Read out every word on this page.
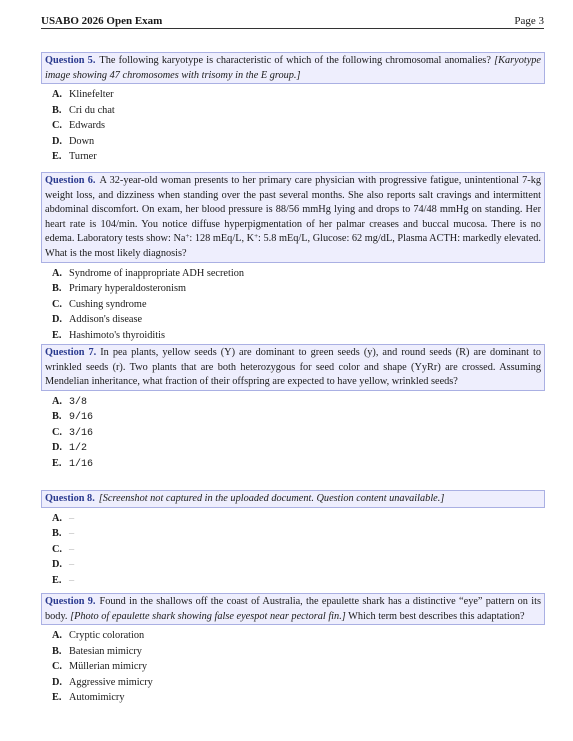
USABO 2026 Open Exam	Page 3
Question 5. The following karyotype is characteristic of which of the following chromosomal anomalies? [Karyotype image showing 47 chromosomes with trisomy in the E group.]
A. Klinefelter
B. Cri du chat
C. Edwards
D. Down
E. Turner
Question 6. A 32-year-old woman presents to her primary care physician with progressive fatigue, unintentional 7-kg weight loss, and dizziness when standing over the past several months. She also reports salt cravings and intermittent abdominal discomfort. On exam, her blood pressure is 88/56 mmHg lying and drops to 74/48 mmHg on standing. Her heart rate is 104/min. You notice diffuse hyperpigmentation of her palmar creases and buccal mucosa. There is no edema. Laboratory tests show: Na+: 128 mEq/L, K+: 5.8 mEq/L, Glucose: 62 mg/dL, Plasma ACTH: markedly elevated. What is the most likely diagnosis?
A. Syndrome of inappropriate ADH secretion
B. Primary hyperaldosteronism
C. Cushing syndrome
D. Addison's disease
E. Hashimoto's thyroiditis
Question 7. In pea plants, yellow seeds (Y) are dominant to green seeds (y), and round seeds (R) are dominant to wrinkled seeds (r). Two plants that are both heterozygous for seed color and shape (YyRr) are crossed. Assuming Mendelian inheritance, what fraction of their offspring are expected to have yellow, wrinkled seeds?
A. 3/8
B. 9/16
C. 3/16
D. 1/2
E. 1/16
Question 8. [Screenshot not captured in the uploaded document. Question content unavailable.]
A. –
B. –
C. –
D. –
E. –
Question 9. Found in the shallows off the coast of Australia, the epaulette shark has a distinctive “eye” pattern on its body. [Photo of epaulette shark showing false eyespot near pectoral fin.] Which term best describes this adaptation?
A. Cryptic coloration
B. Batesian mimicry
C. Müllerian mimicry
D. Aggressive mimicry
E. Automimicry
